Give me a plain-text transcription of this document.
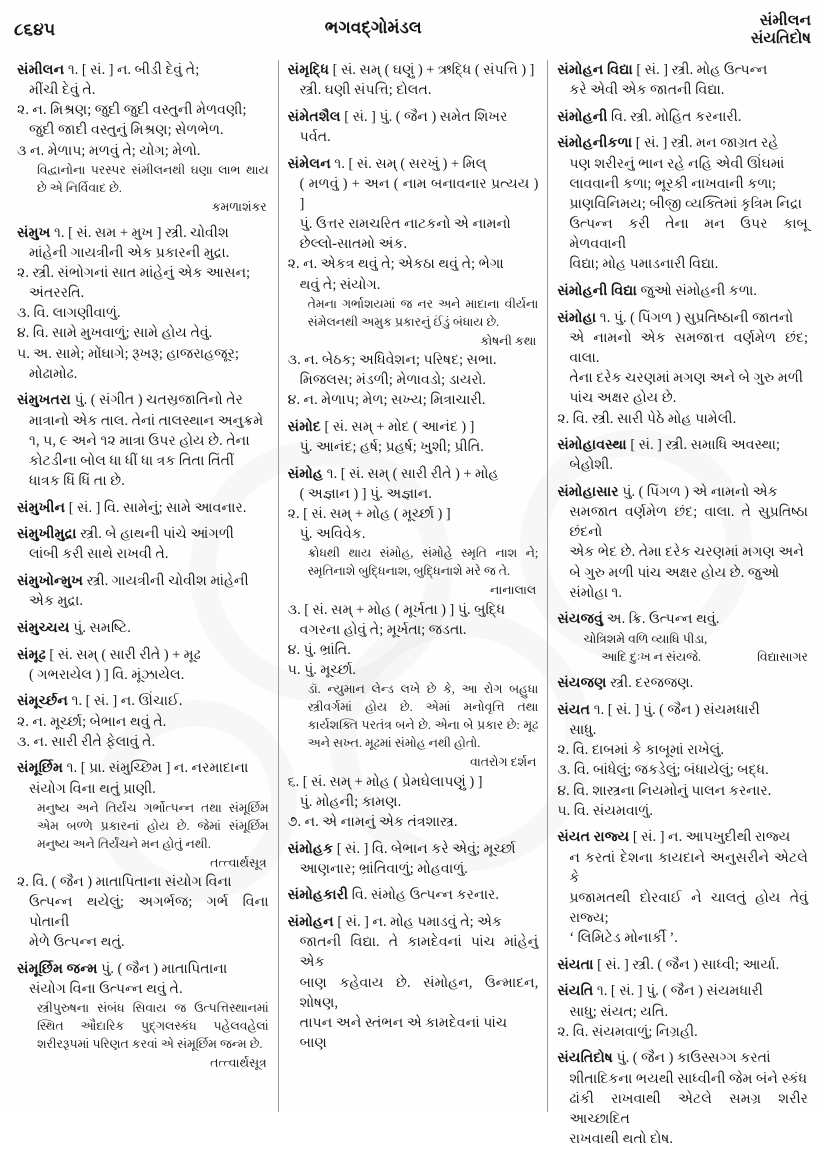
૮૬૪૫	ભગવદ્ગોમંડલ	સંમીલન
સંયતિદોષ

સંમીલન ૧. [ સં. ] ન. બીડી દેવું તે;

મીંચી દેવું તે.

૨. ન. મિશ્રણ; જુદી જુદી વસ્તુની મેળવણી;

જુદી જાદી વસ્તુનું મિશ્રણ; સેળભેળ.

૩ ન. મેળાપ; મળવું તે; યોગ; મેળો.

વિદ્વાનોના પરસ્પર સંમીલનથી ઘણા લાભ થાય છે એ નિર્વિવાદ છે.

કમળાશંકર

સંમુખ ૧. [ સં. સમ + મુખ ] સ્ત્રી. ચોવીશ

માંહેની ગાયત્રીની એક પ્રકારની મુદ્રા.

૨. સ્ત્રી. સંભોગનાં સાત માંહેનું એક આસન;

અંતરરતિ.

૩. વિ. લાગણીવાળું.

૪. વિ. સામે મુખવાળું; સામે હોય તેવું.

૫. અ. સામે; મોંઘાગે; રૂખરૂ; હાજરાહજૂર;

મોઢામોઢ.

સંમુખતરા પું. ( સંગીત ) ચતસ્રજાતિનો તેર

માત્રાનો એક તાલ. તેનાં તાલસ્થાન અનુક્રમે

૧, ૫, ૯ અને ૧૨ માત્રા ઉપર હોય છે. તેના

કોટડીના બોલ ધા ધીં ધા ત્રક તિતા તિંતીં

ધાત્રક ધિં ધિં તા છે.

સંમુખીન [ સં. ] વિ. સામેનું; સામે આવનાર.

સંમુખીમુદ્રા સ્ત્રી. બે હાથની પાંચે આંગળી

લાંબી કરી સાથે રાખવી તે.

સંમુખોન્મુખ સ્ત્રી. ગાયત્રીની ચોવીશ માંહેની

એક મુદ્રા.

સંમુચ્ચય પું. સમષ્ટિ.

સંમૂઢ [ સં. સમ્ ( સારી રીતે ) + મૂઢ

( ગભરાયેલ ) ] વિ. મૂંઝાયેલ.

સંમૂર્ચ્છન ૧. [ સં. ] ન. ઊંચાઈ.

૨. ન. મૂર્ચ્છા; બેભાન થવું તે.

૩. ન. સારી રીતે ફેલાવું તે.

સંમૂર્છિમ ૧. [ પ્રા. સંમુચ્છિમ ] ન. નરમાદાના

સંયોગ વિના થતું પ્રાણી.

મનુષ્ય અને તિર્યંચ ગર્ભોત્પન્ન તથા સંમૂર્છિમ એમ બળ્ળે પ્રકારનાં હોય છે. જેમાં સંમૂર્છિમ મનુષ્ય અને તિર્યંચને મન હોતું નથી.

તત્ત્વાર્થસૂત્ર

૨. વિ. ( જૈન ) માતાપિતાના સંયોગ વિના

ઉત્પન્ન થયેલું; અગર્ભજ; ગર્ભ વિના પોતાની

મેળે ઉત્પન્ન થતું.

સંમૂર્છિમ જન્મ પું. ( જૈન ) માતાપિતાના

સંયોગ વિના ઉત્પન્ન થવું તે.

સ્ત્રીપુરુષના સંબંધ સિવાય જ ઉત્પત્તિસ્થાનમાં સ્થિત ઔદારિક પુદ્ગલસ્કંધ પહેલવહેલાં શરીરરૂપમાં પરિણત કરવાં એ સંમૂર્છિમ જન્મ છે.

તત્ત્વાર્થસૂત્ર

સંમૃદ્ધિ [ સં. સમ્ ( ઘણું ) + ઋદ્ધિ ( સંપત્તિ ) ]

સ્ત્રી. ઘણી સંપત્તિ; દોલત.

સંમેતશૈલ [ સં. ] પું. ( જૈન ) સમેત શિખર

પર્વત.

સંમેલન ૧. [ સં. સમ્ ( સરખું ) + મિલ્

( મળવું ) + અન ( નામ બનાવનાર પ્રત્યય ) ]

પું. ઉત્તર રામચરિત નાટકનો એ નામનો

છેલ્લો-સાતમો અંક.

૨. ન. એકત્ર થવું તે; એકઠા થવું તે; ભેગા

થવું તે; સંયોગ.

તેમના ગર્ભાશયમાં જ નર અને માદાના વીર્યના સંમેલનથી અમુક પ્રકારનું ઈંડું બંધાય છે.

કોષની કથા

૩. ન. બેઠક; અધિવેશન; પરિષદ; સભા.

મિજલસ; મંડળી; મેળાવડો; ડાયરો.

૪. ન. મેળાપ; મેળ; સખ્ય; મિત્રાચારી.

સંમોદ [ સં. સમ્ + મોદ ( આનંદ ) ]

પું. આનંદ; હર્ષ; પ્રહર્ષ; ખુશી; પ્રીતિ.

સંમોહ ૧. [ સં. સમ્ ( સારી રીતે ) + મોહ

( અજ્ઞાન ) ] પું. અજ્ઞાન.

૨. [ સં. સમ્ + મોહ ( મૂર્ચ્છા ) ]

પું. અવિવેક.

ક્રોધથી થાય સંમોહ, સંમોહે સ્મૃતિ નાશ ને; સ્મૃતિનાશે બુદ્ધિનાશ, બુદ્ધિનાશે મરે જ તે.

નાનાલાલ

૩. [ સં. સમ્ + મોહ ( મૂર્ખતા ) ] પું. બુદ્ધિ

વગરના હોવું તે; મૂર્ખતા; જડતા.

૪. પું. ભ્રાંતિ.

૫. પું. મૂર્ચ્છા.

ડૉ. ન્યુમાન લેન્ડ લખે છે કે, આ રોગ બહુધા સ્ત્રીવર્ગમાં હોય છે. એમાં મનોવૃત્તિ તથા કાર્યશક્તિ પરતંત્ર બને છે. એના બે પ્રકાર છે: મૂઢ અને સખ્ત. મૂઢમાં સંમોહ નથી હોતો.

વાતરોગ દર્શન

૬. [ સં. સમ્ + મોહ ( પ્રેમઘેલાપણું ) ]

પું. મોહની; કામણ.

૭. ન. એ નામનું એક તંત્રશાસ્ત્ર.

સંમોહક [ સં. ] વિ. બેભાન કરે એવું; મૂર્ચ્છા

આણનાર; ભ્રાંતિવાળું; મોહવાળું.

સંમોહકારી વિ. સંમોહ ઉત્પન્ન કરનાર.

સંમોહન [ સં. ] ન. મોહ પમાડવું તે; એક

જાતની વિદ્યા. તે કામદેવનાં પાંચ માંહેનું એક

બાણ કહેવાય છે. સંમોહન, ઉન્માદન, શોષણ,

તાપન અને સ્તંભન એ કામદેવનાં પાંચ

બાણ

સંમોહન વિદ્યા [ સં. ] સ્ત્રી. મોહ ઉત્પન્ન

કરે એવી એક જાતની વિદ્યા.

સંમોહની વિ. સ્ત્રી. મોહિત કરનારી.

સંમોહનીકળા [ સં. ] સ્ત્રી. મન જાગ્રત રહે

પણ શરીરનું ભાન રહે નહિ એવી ઊંઘમાં

લાવવાની કળા; ભૂરકી નાખવાની કળા;

પ્રાણવિનિમય; બીજી વ્યક્તિમાં કૃત્રિમ નિદ્રા

ઉત્પન્ન કરી તેના મન ઉપર કાબૂ મેળવવાની

વિદ્યા; મોહ પમાડનારી વિદ્યા.

સંમોહની વિદ્યા જુઓ સંમોહની કળા.

સંમોહા ૧. પું. ( પિંગળ ) સુપ્રતિષ્ઠાની જાતનો

એ નામનો એક સમજાત્ત વર્ણમેળ છંદ; વાલા.

તેના દરેક ચરણમાં મગણ અને બે ગુરુ મળી

પાંચ અક્ષર હોય છે.

૨. વિ. સ્ત્રી. સારી પેઠે મોહ પામેલી.

સંમોહાવસ્થા [ સં. ] સ્ત્રી. સમાધિ અવસ્થા;

બેહોશી.

સંમોહાસાર પું. ( પિંગળ ) એ નામનો એક

સમજાત વર્ણમેળ છંદ; વાલા. તે સુપ્રતિષ્ઠા છંદનો

એક ભેદ છે. તેમા દરેક ચરણમાં મગણ અને

બે ગુરુ મળી પાંચ અક્ષર હોય છે. જુઓ

સંમોહા ૧.

સંયજવું અ. ક્રિ. ઉત્પન્ન થવું.

ચોત્રિશમે વળિ વ્યાધિ પીડા,

આદિ દુઃખ ન સંયજે.	વિદ્યાસાગર

સંયજણ સ્ત્રી. દરજજણ.

સંયત ૧. [ સં. ] પું. ( જૈન ) સંયમધારી

સાધુ.

૨. વિ. દાબમાં કે કાબૂમાં રાખેલું.

૩. વિ. બાંધેલું; જકડેલું; બંધાયેલું; બદ્ધ.

૪. વિ. શાસ્ત્રના નિયમોનું પાલન કરનાર.

૫. વિ. સંયમવાળું.

સંયત રાજ્ય [ સં. ] ન. આપખુદીથી રાજ્ય

ન કરતાં દેશના કાયદાને અનુસરીને એટલે કે

પ્રજામતથી દોરવાઈ ને ચાલતું હોય તેવું રાજ્ય;

‘ લિમિટેડ મોનાર્કી ’.

સંયતા [ સં. ] સ્ત્રી. ( જૈન ) સાધ્વી; આર્યા.

સંયતિ ૧. [ સં. ] પું. ( જૈન ) સંયમધારી

સાધુ; સંયત; યતિ.

૨. વિ. સંયમવાળું; નિગ્રહી.

સંયતિદોષ પું. ( જૈન ) કાઉસ્સગ્ગ કરતાં

શીતાદિકના ભયથી સાધ્વીની જેમ બંને સ્કંધ

ઢાંકી રાખવાથી એટલે સમગ્ર શરીર આચ્છાદિત

રાખવાથી થતો દોષ.
